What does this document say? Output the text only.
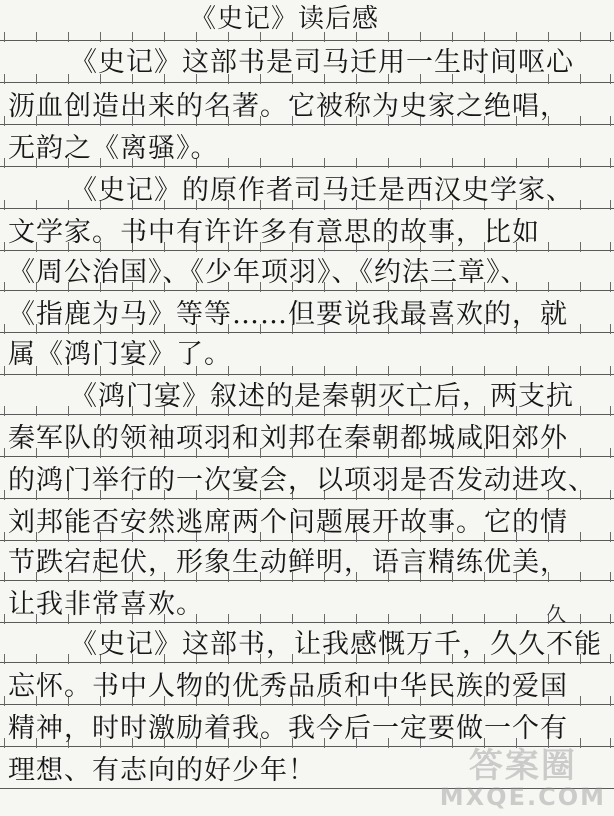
《史记》读后感
《史记》这部书是司马迁用一生时间呕心
沥血创造出来的名著。它被称为史家之绝唱，
无韵之《离骚》。
《史记》的原作者司马迁是西汉史学家、
文学家。书中有许许多有意思的故事，比如
《周公治国》、《少年项羽》、《约法三章》、
《指鹿为马》等等……但要说我最喜欢的，就
属《鸿门宴》了。
《鸿门宴》叙述的是秦朝灭亡后，两支抗
秦军队的领袖项羽和刘邦在秦朝都城咸阳郊外
的鸿门举行的一次宴会，以项羽是否发动进攻、
刘邦能否安然逃席两个问题展开故事。它的情
节跌宕起伏，形象生动鲜明，语言精练优美，
让我非常喜欢。
《史记》这部书，让我感慨万千，久久不能
忘怀。书中人物的优秀品质和中华民族的爱国
精神，时时激励着我。我今后一定要做一个有
理想、有志向的好少年！
久
答案圈
MXQE.COM
